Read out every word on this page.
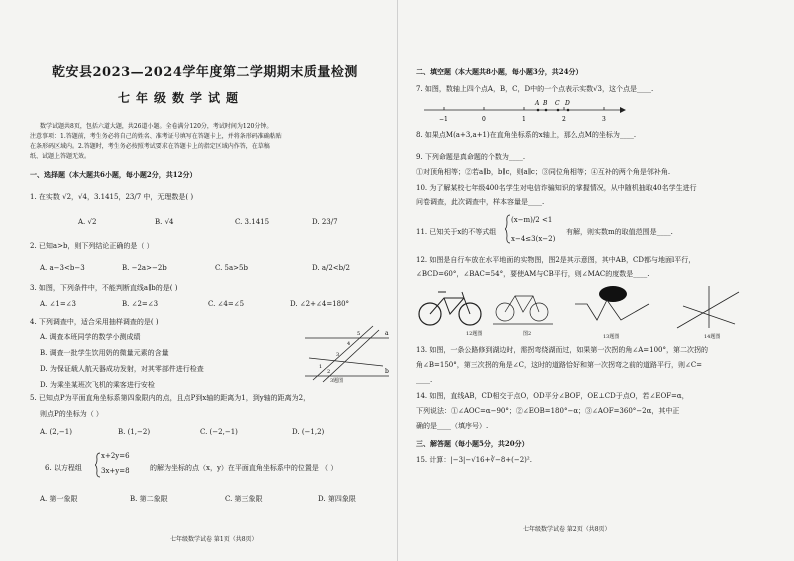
乾安县2023—2024学年度第二学期期末质量检测
七年级数学试题
数学试题共8页，包括六道大题，共26道小题。全卷满分120分，考试时间为120分钟。
注意事项：1.答题前，考生务必将自己的姓名、准考证号填写在答题卡上，并将条形码准确粘贴
在条形码区域内。2.答题时，考生务必按照考试要求在答题卡上的指定区域内作答，在草稿
纸、试题上答题无效。
一、选择题（本大题共6小题，每小题2分，共12分）
1. 在实数 √2，√4，3.1415，23/7 中，无理数是( )
A. √2	B. √4	C. 3.1415	D. 23/7
2. 已知a>b，则下列结论正确的是（ ）
A. a−3<b−3	B. −2a>−2b	C. 5a>5b	D. a/2<b/2
3. 如图，下列条件中，不能判断直线a∥b的是( )
A. ∠1=∠3	B. ∠2=∠3	C. ∠4=∠5	D. ∠2+∠4=180°
4. 下列调查中，适合采用抽样调查的是( )
A. 调查本班同学的数学小测成绩
B. 调查一批学生饮用奶的微量元素的含量
D. 为保证载人航天器成功发射，对其零部件进行检查
D. 为乘坐某班次飞机的乘客进行安检
a
b
5
4
3
1
2
3题图
5. 已知点P为平面直角坐标系第四象限内的点，且点P到x轴的距离为1，到y轴的距离为2，
则点P的坐标为（ ）
A. (2,−1)	B. (1,−2)	C. (−2,−1)	D. (−1,2)
6. 以方程组
x+2y=6
3x+y=8	的解为坐标的点（x，y）在平面直角坐标系中的位置是 （ ）
A. 第一象限	B. 第二象限	C. 第三象限	D. 第四象限
七年级数学试卷 第1页（共8页）
二、填空题（本大题共8小题，每小题3分，共24分）
7. 如图，数轴上四个点A，B，C，D中的一个点表示实数√3，这个点是____.
A B C D
−1	0	1	2	3
8. 如果点M(a+3,a+1)在直角坐标系的x轴上，那么点M的坐标为____.
9. 下列命题是真命题的个数为____.
①对顶角相等；②若a∥b，b∥c，则a∥c；③同位角相等；④互补的两个角是邻补角.
10. 为了解某校七年级400名学生对电信诈骗知识的掌握情况，从中随机抽取40名学生进行
问卷调查，此次调查中，样本容量是____.
11. 已知关于x的不等式组
(x−m)/2 <1
x−4≤3(x−2)
有解，则实数m的取值范围是____.
12. 如图是自行车放在水平地面的实物图，图2是其示意图，其中AB，CD都与地面l平行，
∠BCD=60°，∠BAC=54°，要使AM与CB平行，则∠MAC的度数是____.
12题图	图2	13题图	14题图
13. 如图，一条公路修到湖边时，需拐弯绕湖而过，如果第一次拐的角∠A=100°，第二次拐的
角∠B=150°，第三次拐的角是∠C，这时的道路恰好和第一次拐弯之前的道路平行，则∠C=
____.
14. 如图，直线AB，CD相交于点O，OD平分∠BOF，OE⊥CD于点O，若∠EOF=α，
下列说法：①∠AOC=α−90°；②∠EOB=180°−α；③∠AOF=360°−2α，其中正
确的是____（填序号）.
三、解答题（每小题5分，共20分）
15. 计算：|−3|−√16+∛−8+(−2)².
七年级数学试卷 第2页（共8页）
